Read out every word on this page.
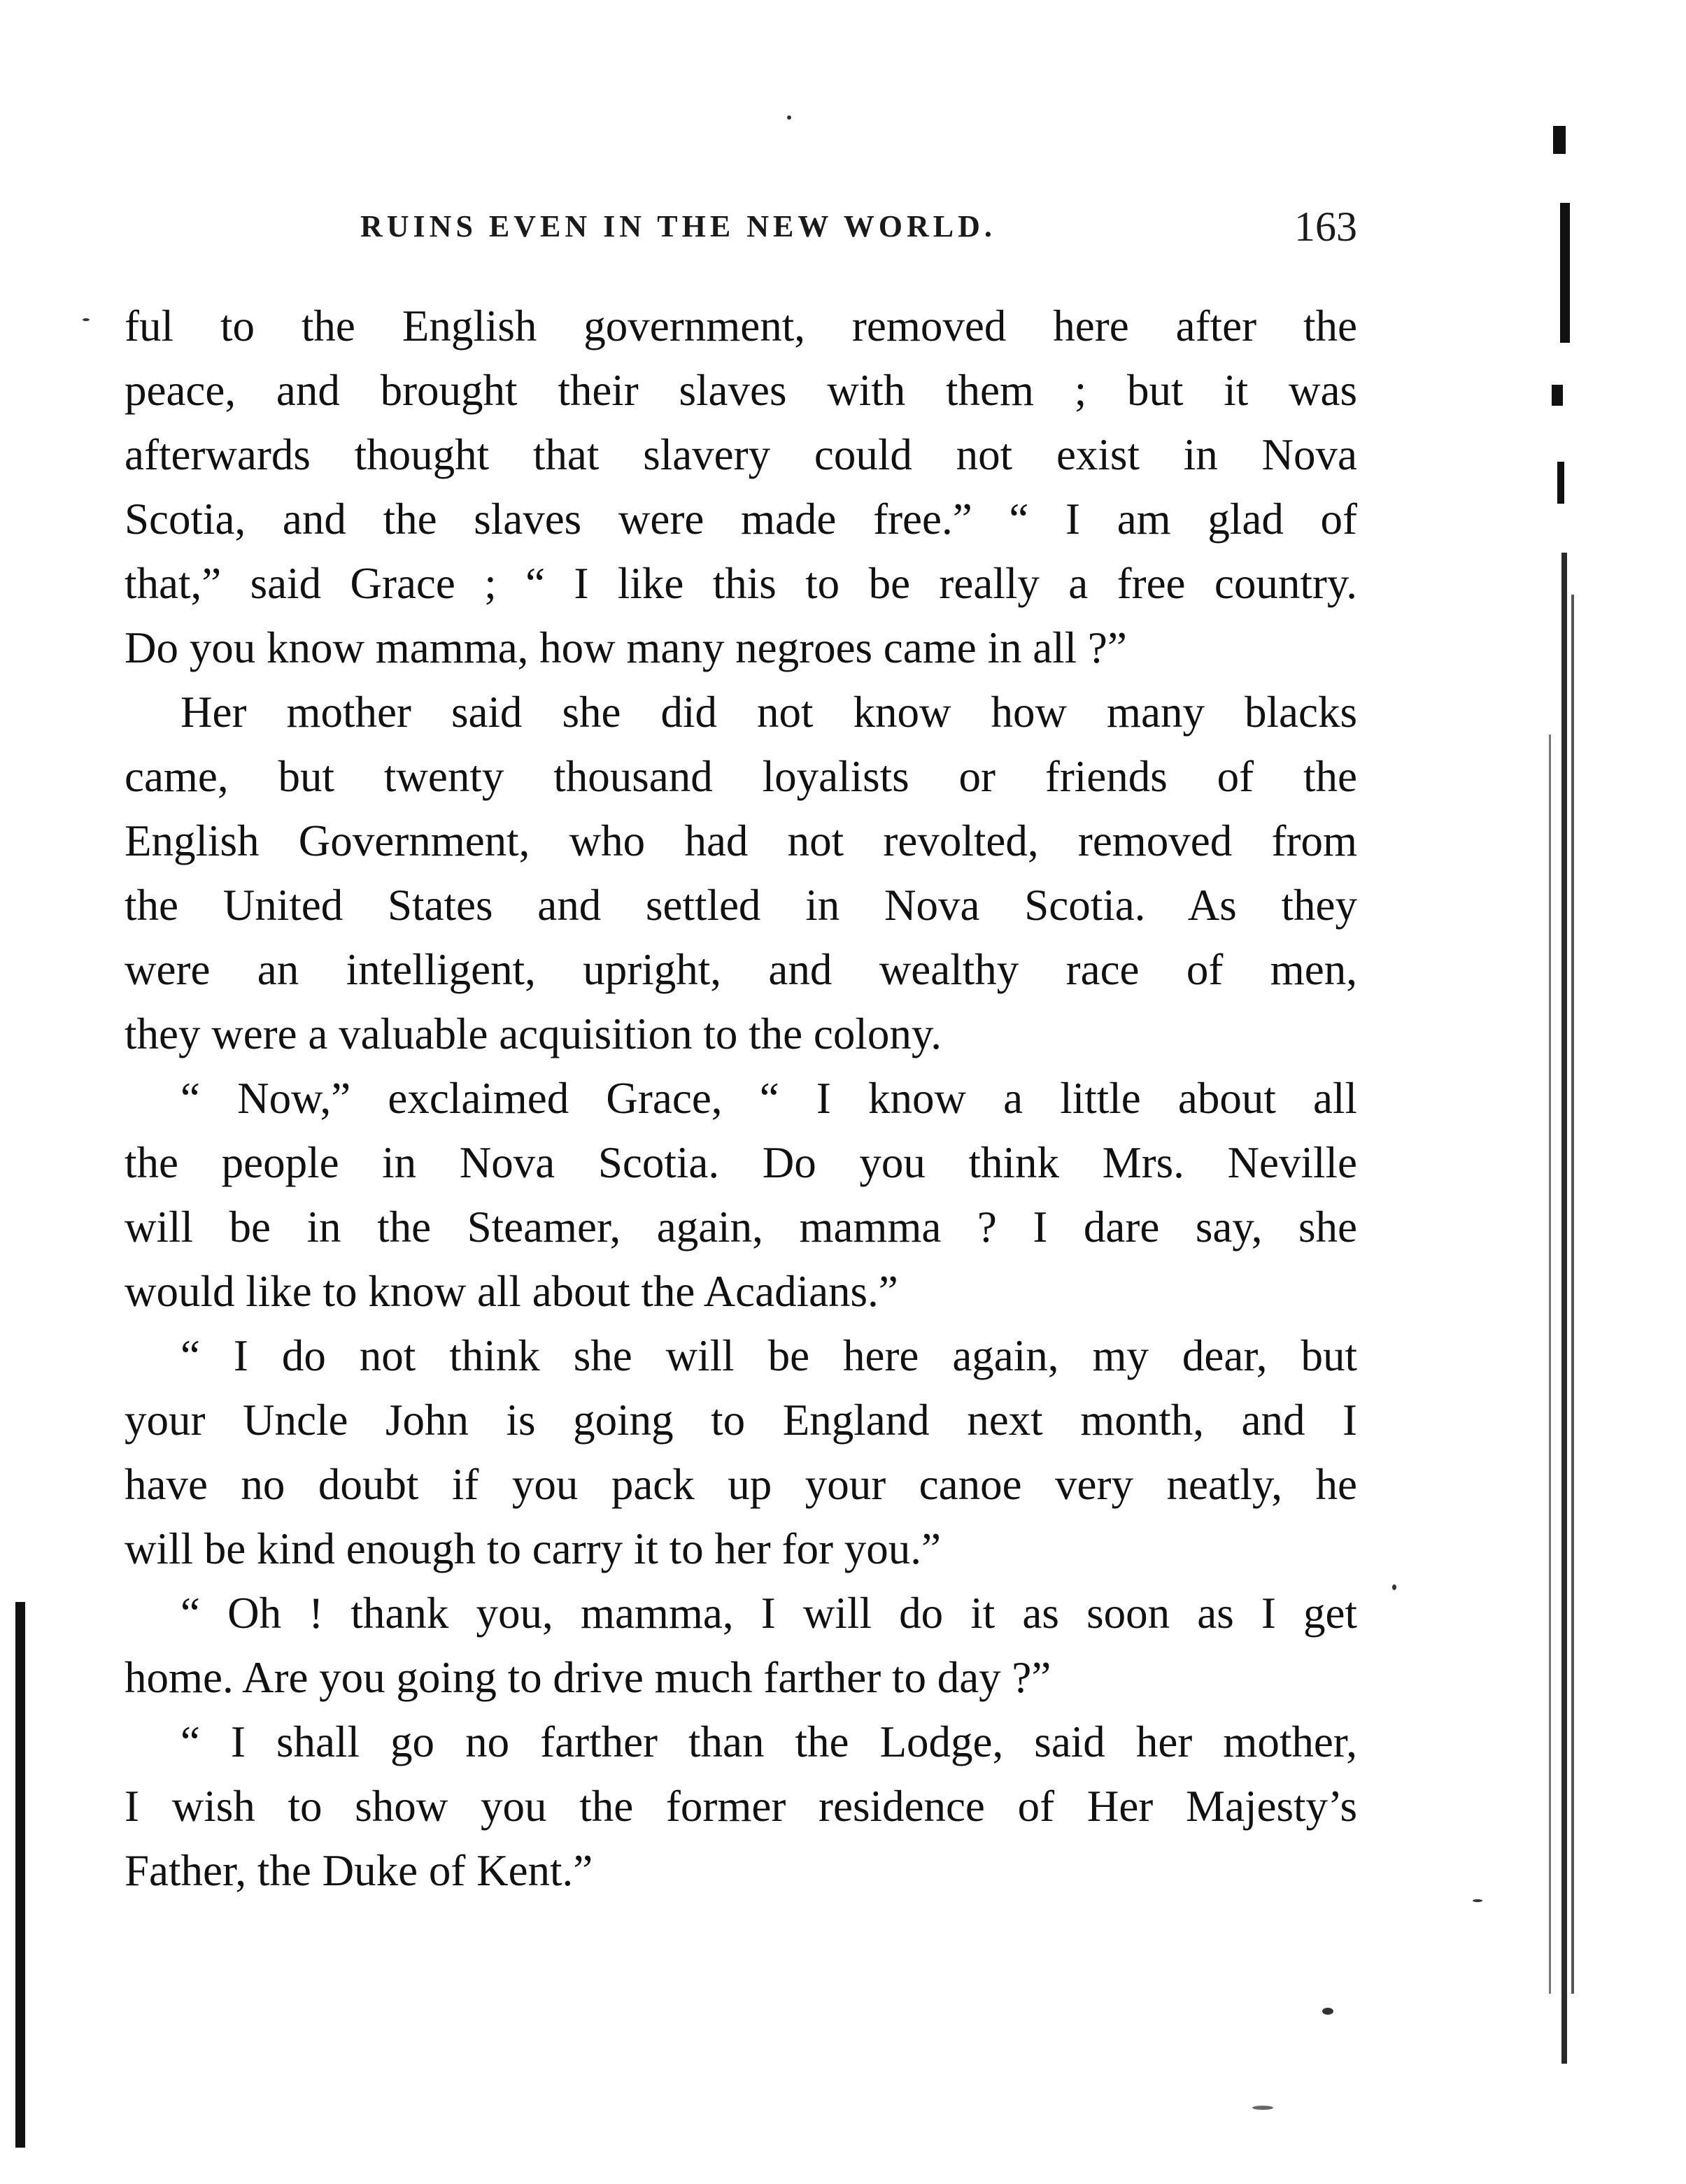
RUINS EVEN IN THE NEW WORLD.	163

ful to the English government, removed here after the
peace, and brought their slaves with them ; but it was
afterwards thought that slavery could not exist in Nova
Scotia, and the slaves were made free.” “ I am glad of
that,” said Grace ; “ I like this to be really a free country.
Do you know mamma, how many negroes came in all ?”

Her mother said she did not know how many blacks
came, but twenty thousand loyalists or friends of the
English Government, who had not revolted, removed from
the United States and settled in Nova Scotia. As they
were an intelligent, upright, and wealthy race of men,
they were a valuable acquisition to the colony.

“ Now,” exclaimed Grace, “ I know a little about all
the people in Nova Scotia. Do you think Mrs. Neville
will be in the Steamer, again, mamma ? I dare say, she
would like to know all about the Acadians.”

“ I do not think she will be here again, my dear, but
your Uncle John is going to England next month, and I
have no doubt if you pack up your canoe very neatly, he
will be kind enough to carry it to her for you.”

“ Oh ! thank you, mamma, I will do it as soon as I get
home. Are you going to drive much farther to day ?”

“ I shall go no farther than the Lodge, said her mother,
I wish to show you the former residence of Her Majesty’s
Father, the Duke of Kent.”
